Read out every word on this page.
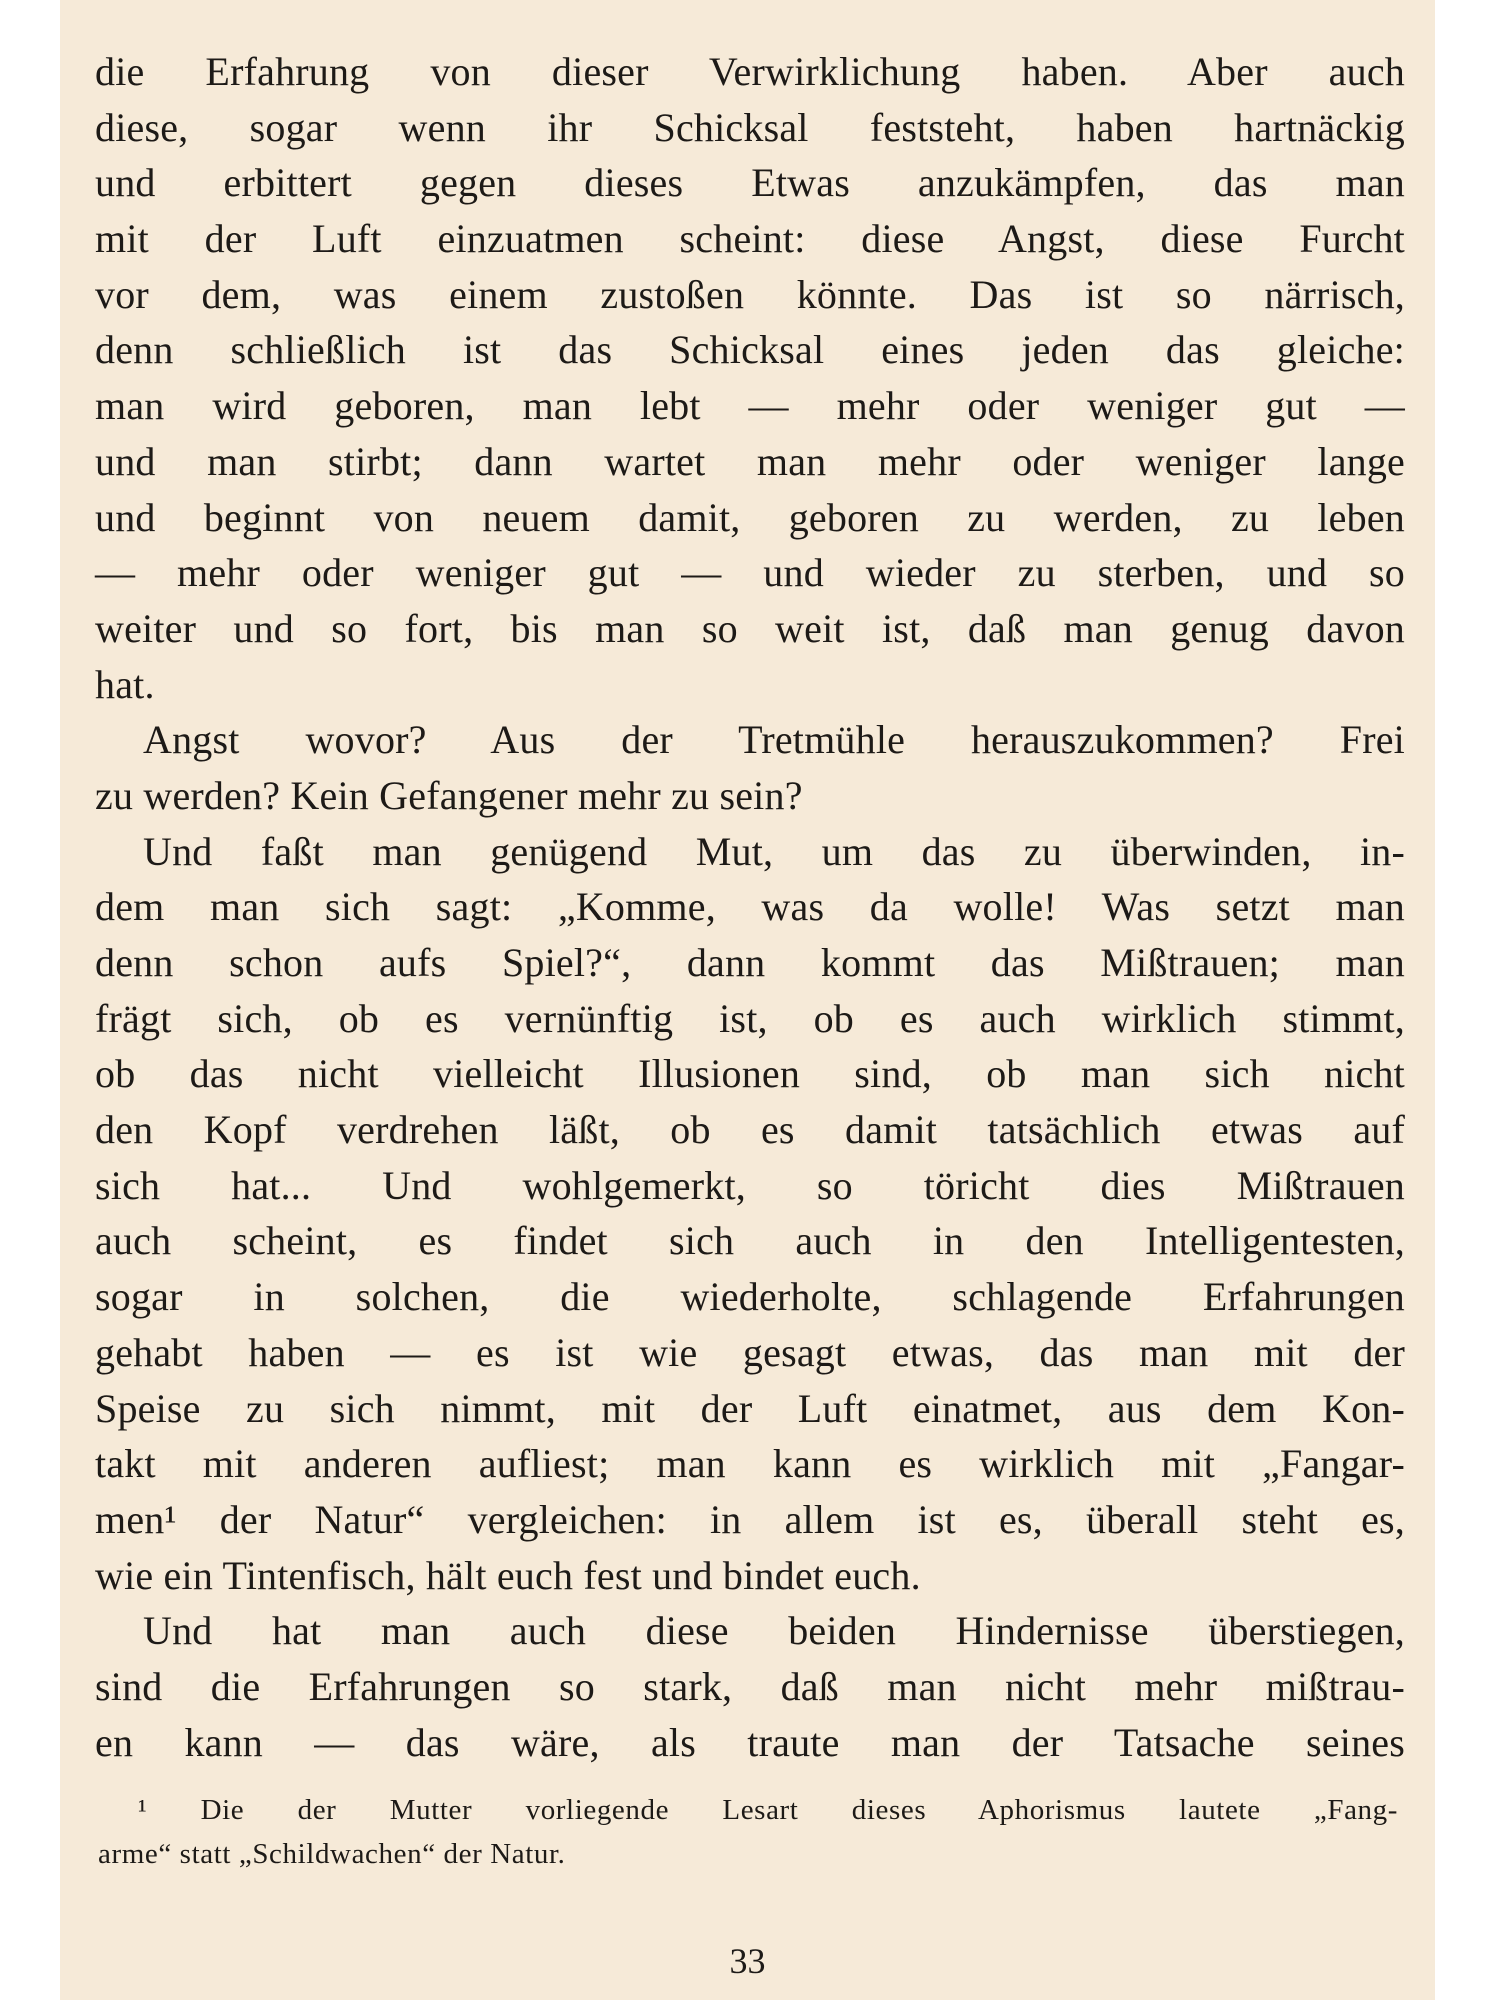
die Erfahrung von dieser Verwirklichung haben. Aber auch
diese, sogar wenn ihr Schicksal feststeht, haben hartnäckig
und erbittert gegen dieses Etwas anzukämpfen, das man
mit der Luft einzuatmen scheint: diese Angst, diese Furcht
vor dem, was einem zustoßen könnte. Das ist so närrisch,
denn schließlich ist das Schicksal eines jeden das gleiche:
man wird geboren, man lebt — mehr oder weniger gut —
und man stirbt; dann wartet man mehr oder weniger lange
und beginnt von neuem damit, geboren zu werden, zu leben
— mehr oder weniger gut — und wieder zu sterben, und so
weiter und so fort, bis man so weit ist, daß man genug davon
hat.
Angst wovor? Aus der Tretmühle herauszukommen? Frei
zu werden? Kein Gefangener mehr zu sein?
Und faßt man genügend Mut, um das zu überwinden, in-
dem man sich sagt: „Komme, was da wolle! Was setzt man
denn schon aufs Spiel?“, dann kommt das Mißtrauen; man
frägt sich, ob es vernünftig ist, ob es auch wirklich stimmt,
ob das nicht vielleicht Illusionen sind, ob man sich nicht
den Kopf verdrehen läßt, ob es damit tatsächlich etwas auf
sich hat... Und wohlgemerkt, so töricht dies Mißtrauen
auch scheint, es findet sich auch in den Intelligentesten,
sogar in solchen, die wiederholte, schlagende Erfahrungen
gehabt haben — es ist wie gesagt etwas, das man mit der
Speise zu sich nimmt, mit der Luft einatmet, aus dem Kon-
takt mit anderen aufliest; man kann es wirklich mit „Fangar-
men¹ der Natur“ vergleichen: in allem ist es, überall steht es,
wie ein Tintenfisch, hält euch fest und bindet euch.
Und hat man auch diese beiden Hindernisse überstiegen,
sind die Erfahrungen so stark, daß man nicht mehr mißtrau-
en kann — das wäre, als traute man der Tatsache seines
¹ Die der Mutter vorliegende Lesart dieses Aphorismus lautete „Fang-
arme“ statt „Schildwachen“ der Natur.
33
